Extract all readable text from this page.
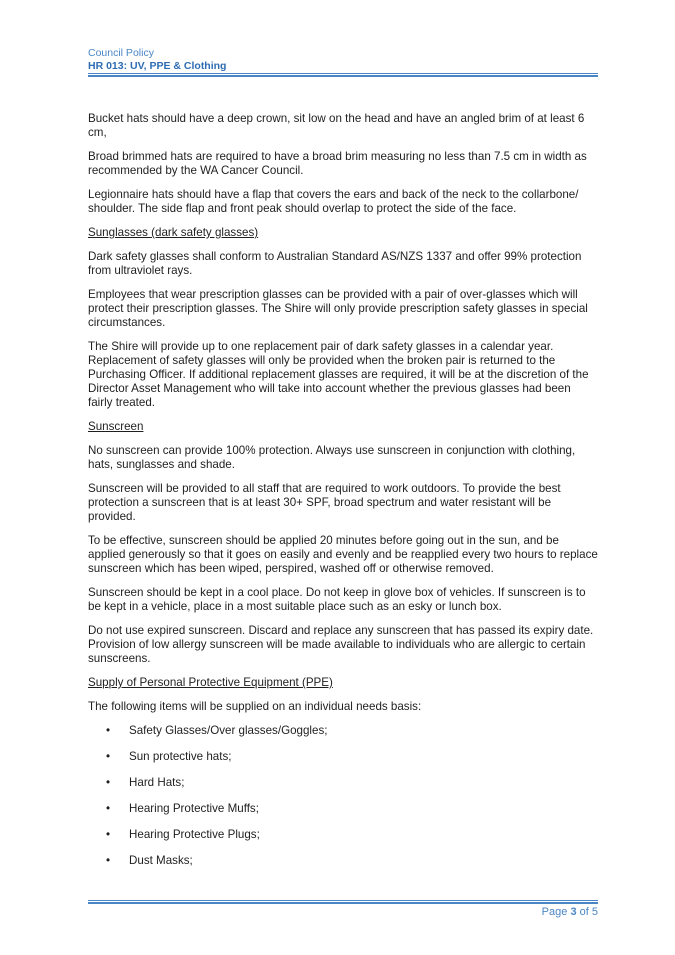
Council Policy
HR 013: UV, PPE & Clothing

Bucket hats should have a deep crown, sit low on the head and have an angled brim of at least 6 cm,

Broad brimmed hats are required to have a broad brim measuring no less than 7.5 cm in width as recommended by the WA Cancer Council.

Legionnaire hats should have a flap that covers the ears and back of the neck to the collarbone/ shoulder. The side flap and front peak should overlap to protect the side of the face.

Sunglasses (dark safety glasses)

Dark safety glasses shall conform to Australian Standard AS/NZS 1337 and offer 99% protection from ultraviolet rays.

Employees that wear prescription glasses can be provided with a pair of over-glasses which will protect their prescription glasses. The Shire will only provide prescription safety glasses in special circumstances.

The Shire will provide up to one replacement pair of dark safety glasses in a calendar year. Replacement of safety glasses will only be provided when the broken pair is returned to the Purchasing Officer. If additional replacement glasses are required, it will be at the discretion of the Director Asset Management who will take into account whether the previous glasses had been fairly treated.

Sunscreen

No sunscreen can provide 100% protection. Always use sunscreen in conjunction with clothing, hats, sunglasses and shade.

Sunscreen will be provided to all staff that are required to work outdoors. To provide the best protection a sunscreen that is at least 30+ SPF, broad spectrum and water resistant will be provided.

To be effective, sunscreen should be applied 20 minutes before going out in the sun, and be applied generously so that it goes on easily and evenly and be reapplied every two hours to replace sunscreen which has been wiped, perspired, washed off or otherwise removed.

Sunscreen should be kept in a cool place. Do not keep in glove box of vehicles. If sunscreen is to be kept in a vehicle, place in a most suitable place such as an esky or lunch box.

Do not use expired sunscreen. Discard and replace any sunscreen that has passed its expiry date. Provision of low allergy sunscreen will be made available to individuals who are allergic to certain sunscreens.

Supply of Personal Protective Equipment (PPE)

The following items will be supplied on an individual needs basis:

• Safety Glasses/Over glasses/Goggles;
• Sun protective hats;
• Hard Hats;
• Hearing Protective Muffs;
• Hearing Protective Plugs;
• Dust Masks;
Page 3 of 5
